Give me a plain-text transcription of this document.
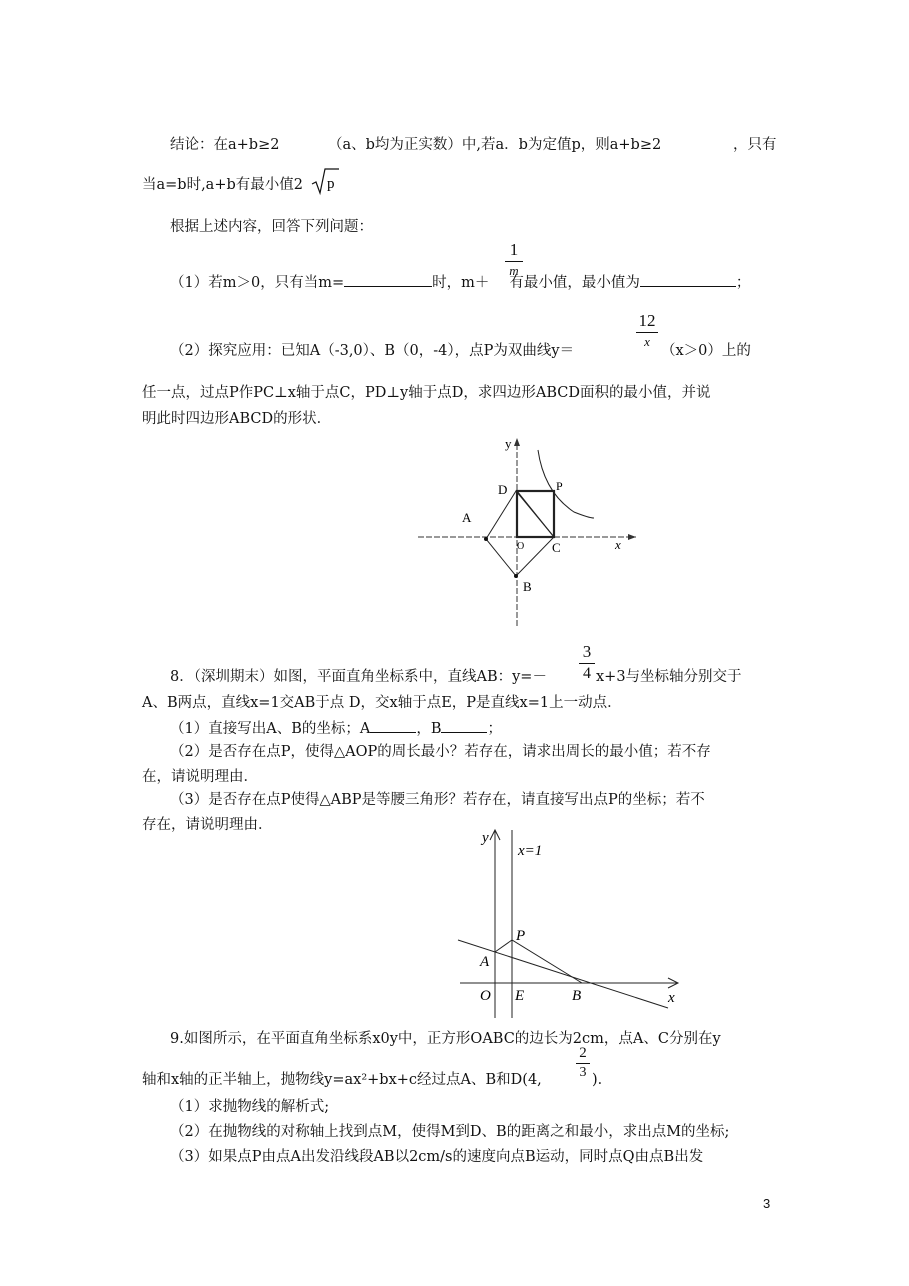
结论：在a+b≥2	（a、b均为正实数）中,若a．b为定值p，则a+b≥2	，只有
当a=b时,a+b有最小值2 p
根据上述内容，回答下列问题：
（1）若m＞0，只有当m=	时，m＋ 有最小值，最小值为	；
1
m
（2）探究应用：已知A（-3,0）、B（0，-4），点P为双曲线y＝
12
x
（x＞0）上的
任一点，过点P作PC⊥x轴于点C，PD⊥y轴于点D，求四边形ABCD面积的最小值，并说
明此时四边形ABCD的形状．
y
x
A
B
C
D	P
O
8．（深圳期末）如图，平面直角坐标系中，直线AB：y=－
3
4 x+3与坐标轴分别交于
A、B两点，直线x=1交AB于点 D，交x轴于点E，P是直线x=1上一动点．
（1）直接写出A、B的坐标；A	，B	；
（2）是否存在点P，使得△AOP的周长最小？若存在，请求出周长的最小值；若不存
在，请说明理由．
（3）是否存在点P使得△ABP是等腰三角形？若存在，请直接写出点P的坐标；若不
存在，请说明理由．
y
x
x=1
P
A
O E	B
9.如图所示，在平面直角坐标系x0y中，正方形OABC的边长为2cm，点A、C分别在y
轴和x轴的正半轴上，抛物线y=ax²+bx+c经过点A、B和D(4,
2
3 )．
（1）求抛物线的解析式;
（2）在抛物线的对称轴上找到点M，使得M到D、B的距离之和最小，求出点M的坐标;
（3）如果点P由点A出发沿线段AB以2cm/s的速度向点B运动，同时点Q由点B出发
3
